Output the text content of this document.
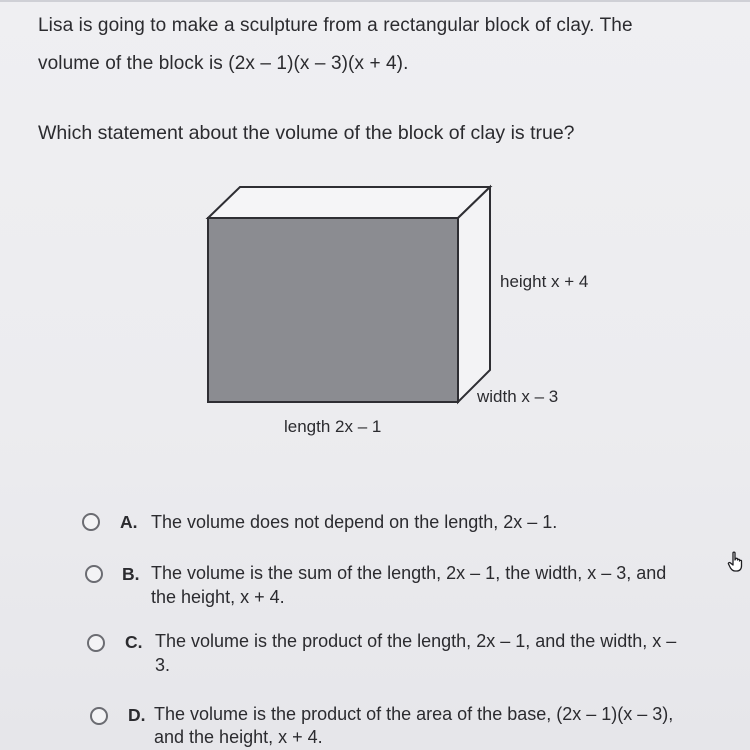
Lisa is going to make a sculpture from a rectangular block of clay. The
volume of the block is (2x – 1)(x – 3)(x + 4).
Which statement about the volume of the block of clay is true?
height x + 4
width x – 3
length 2x – 1
A. The volume does not depend on the length, 2x – 1.
B. The volume is the sum of the length, 2x – 1, the width, x – 3, and
the height, x + 4.
C. The volume is the product of the length, 2x – 1, and the width, x –
3.
D. The volume is the product of the area of the base, (2x – 1)(x – 3),
and the height, x + 4.
